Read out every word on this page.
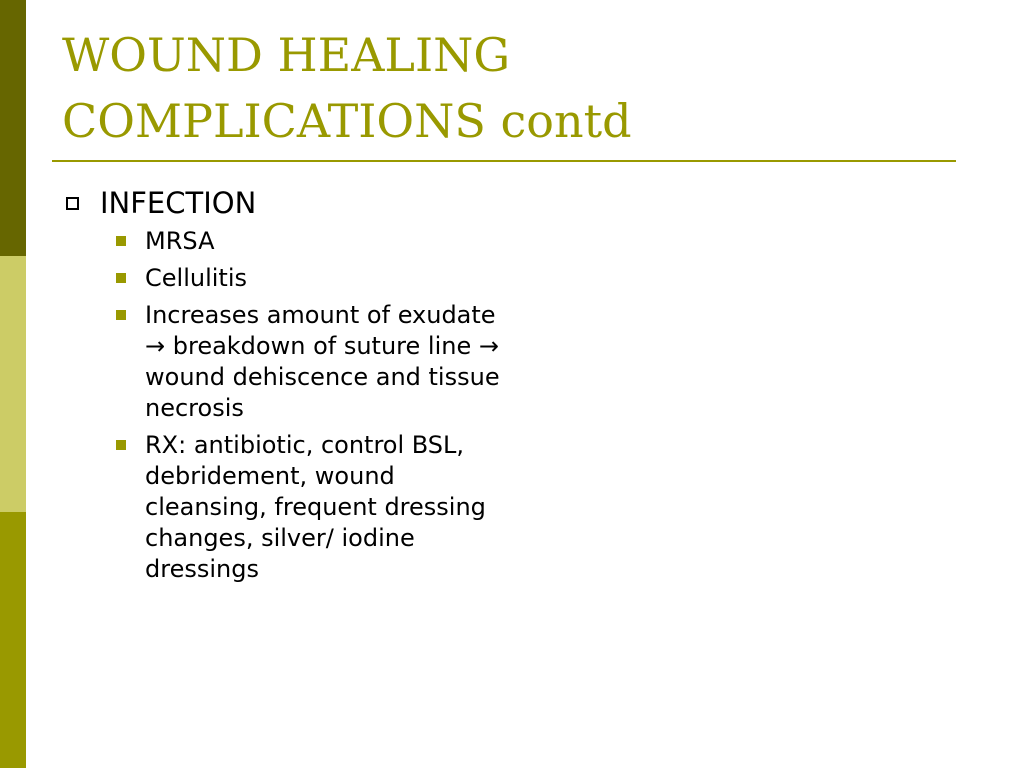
WOUND HEALING
COMPLICATIONS contd
INFECTION
MRSA
Cellulitis
Increases amount of exudate → breakdown of suture line → wound dehiscence and tissue necrosis
RX: antibiotic, control BSL, debridement, wound cleansing, frequent dressing changes, silver/ iodine dressings
